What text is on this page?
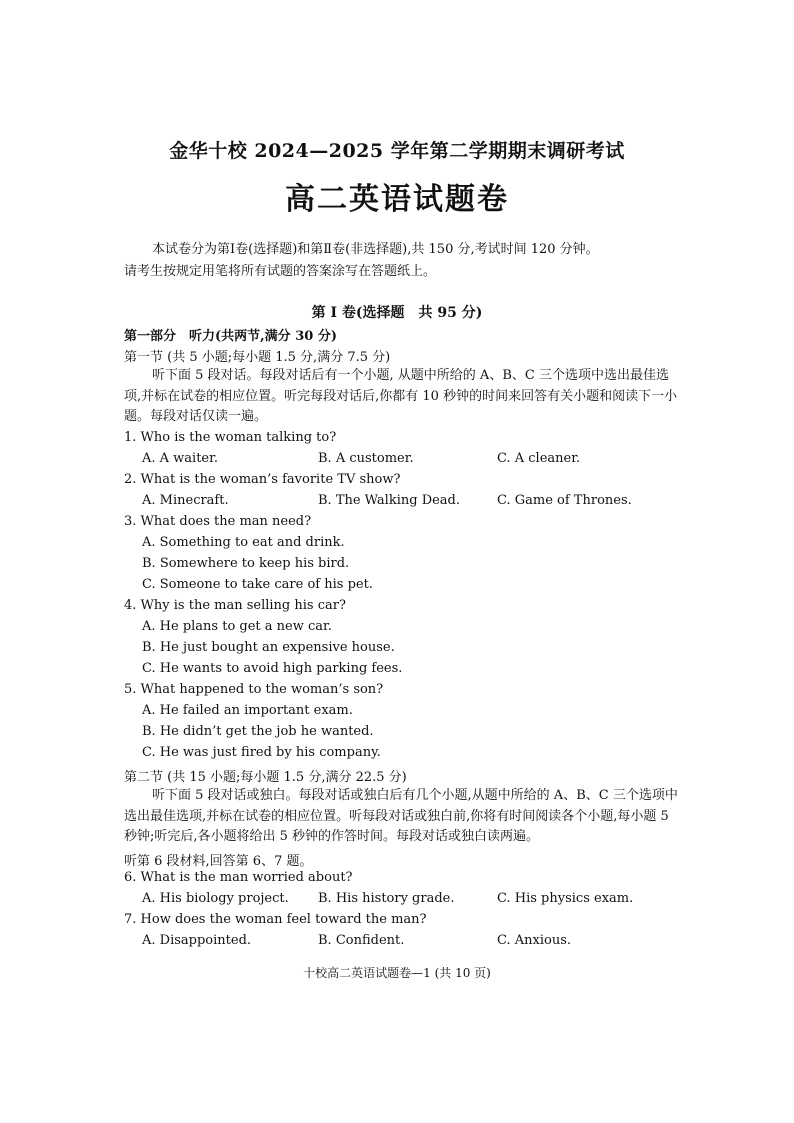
金华十校 2024—2025 学年第二学期期末调研考试
高二英语试题卷
本试卷分为第Ⅰ卷(选择题)和第Ⅱ卷(非选择题),共 150 分,考试时间 120 分钟。
请考生按规定用笔将所有试题的答案涂写在答题纸上。
第 I 卷(选择题　共 95 分)
第一部分　听力(共两节,满分 30 分)
第一节 (共 5 小题;每小题 1.5 分,满分 7.5 分)
听下面 5 段对话。每段对话后有一个小题, 从题中所给的 A、B、C 三个选项中选出最佳选项,并标在试卷的相应位置。听完每段对话后,你都有 10 秒钟的时间来回答有关小题和阅读下一小题。每段对话仅读一遍。
1. Who is the woman talking to?
A. A waiter.	B. A customer.	C. A cleaner.
2. What is the woman’s favorite TV show?
A. Minecraft.	B. The Walking Dead.	C. Game of Thrones.
3. What does the man need?
A. Something to eat and drink.
B. Somewhere to keep his bird.
C. Someone to take care of his pet.
4. Why is the man selling his car?
A. He plans to get a new car.
B. He just bought an expensive house.
C. He wants to avoid high parking fees.
5. What happened to the woman’s son?
A. He failed an important exam.
B. He didn’t get the job he wanted.
C. He was just fired by his company.
第二节 (共 15 小题;每小题 1.5 分,满分 22.5 分)
听下面 5 段对话或独白。每段对话或独白后有几个小题,从题中所给的 A、B、C 三个选项中选出最佳选项,并标在试卷的相应位置。听每段对话或独白前,你将有时间阅读各个小题,每小题 5 秒钟;听完后,各小题将给出 5 秒钟的作答时间。每段对话或独白读两遍。
听第 6 段材料,回答第 6、7 题。
6. What is the man worried about?
A. His biology project. B. His history grade.	C. His physics exam.
7. How does the woman feel toward the man?
A. Disappointed.	B. Confident.	C. Anxious.
十校高二英语试题卷—1 (共 10 页)
